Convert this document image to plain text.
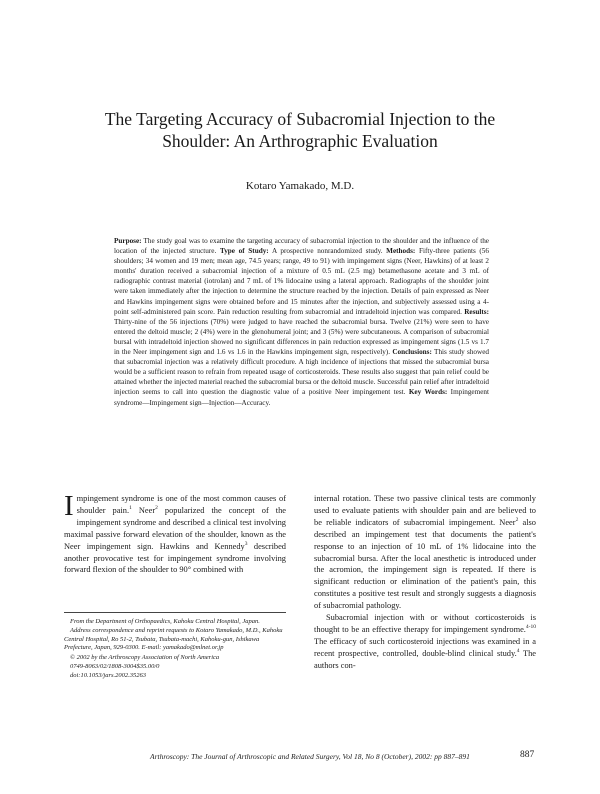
The Targeting Accuracy of Subacromial Injection to the
Shoulder: An Arthrographic Evaluation
Kotaro Yamakado, M.D.

Purpose: The study goal was to examine the targeting accuracy of subacromial injection to the shoulder and the influence of the location of the injected structure. Type of Study: A prospective nonrandomized study. Methods: Fifty-three patients (56 shoulders; 34 women and 19 men; mean age, 74.5 years; range, 49 to 91) with impingement signs (Neer, Hawkins) of at least 2 months' duration received a subacromial injection of a mixture of 0.5 mL (2.5 mg) betamethasone acetate and 3 mL of radiographic contrast material (iotrolan) and 7 mL of 1% lidocaine using a lateral approach. Radiographs of the shoulder joint were taken immediately after the injection to determine the structure reached by the injection. Details of pain expressed as Neer and Hawkins impingement signs were obtained before and 15 minutes after the injection, and subjectively assessed using a 4-point self-administered pain score. Pain reduction resulting from subacromial and intradeltoid injection was compared. Results: Thirty-nine of the 56 injections (70%) were judged to have reached the subacromial bursa. Twelve (21%) were seen to have entered the deltoid muscle; 2 (4%) were in the glenohumeral joint; and 3 (5%) were subcutaneous. A comparison of subacromial bursal with intradeltoid injection showed no significant differences in pain reduction expressed as impingement signs (1.5 vs 1.7 in the Neer impingement sign and 1.6 vs 1.6 in the Hawkins impingement sign, respectively). Conclusions: This study showed that subacromial injection was a relatively difficult procedure. A high incidence of injections that missed the subacromial bursa would be a sufficient reason to refrain from repeated usage of corticosteroids. These results also suggest that pain relief could be attained whether the injected material reached the subacromial bursa or the deltoid muscle. Successful pain relief after intradeltoid injection seems to call into question the diagnostic value of a positive Neer impingement test. Key Words: Impingement syndrome—Impingement sign—Injection—Accuracy.

Impingement syndrome is one of the most common causes of shoulder pain.$^1$ Neer$^2$ popularized the concept of the impingement syndrome and described a clinical test involving maximal passive forward elevation of the shoulder, known as the Neer impingement sign. Hawkins and Kennedy$^3$ described another provocative test for impingement syndrome involving forward flexion of the shoulder to 90° combined with

From the Department of Orthopaedics, Kahoku Central Hospital, Japan.

Address correspondence and reprint requests to Kotaro Yamakado, M.D., Kahoku Central Hospital, Ro 51-2, Tsubata, Tsubata-machi, Kahoku-gun, Ishikawa Prefecture, Japan, 929-0300. E-mail: yamakado@mlnet.or.jp

© 2002 by the Arthroscopy Association of North America

0749-8063/02/1808-3004$35.00/0

doi:10.1053/jars.2002.35263

internal rotation. These two passive clinical tests are commonly used to evaluate patients with shoulder pain and are believed to be reliable indicators of subacromial impingement. Neer$^2$ also described an impingement test that documents the patient's response to an injection of 10 mL of 1% lidocaine into the subacromial bursa. After the local anesthetic is introduced under the acromion, the impingement sign is repeated. If there is significant reduction or elimination of the patient's pain, this constitutes a positive test result and strongly suggests a diagnosis of subacromial pathology.

Subacromial injection with or without corticosteroids is thought to be an effective therapy for impingement syndrome.$^{4-10}$ The efficacy of such corticosteroid injections was examined in a recent prospective, controlled, double-blind clinical study.$^4$ The authors con-

Arthroscopy: The Journal of Arthroscopic and Related Surgery, Vol 18, No 8 (October), 2002: pp 887–891	887
